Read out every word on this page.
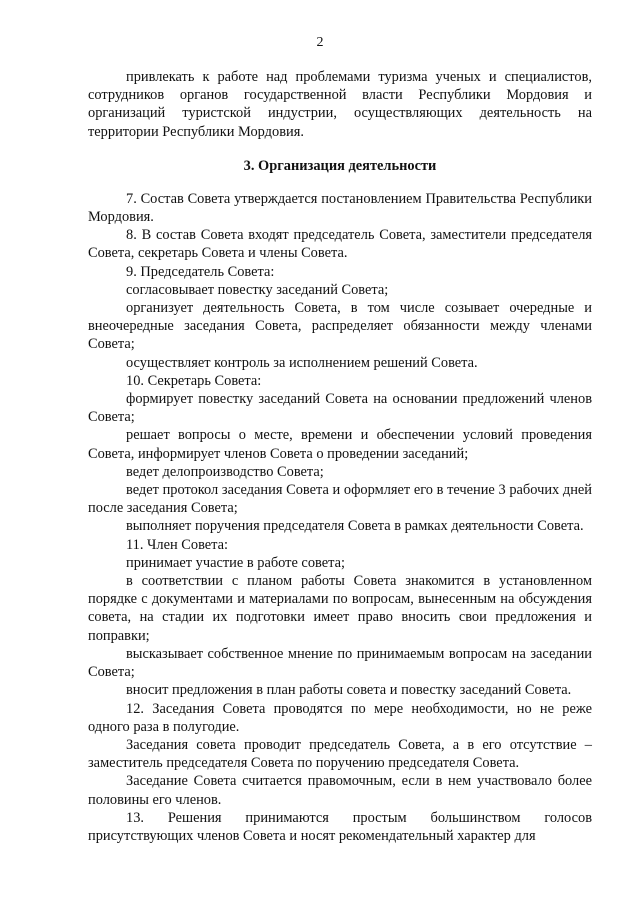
2

привлекать к работе над проблемами туризма ученых и специалистов, сотрудников органов государственной власти Республики Мордовия и организаций туристской индустрии, осуществляющих деятельность на территории Республики Мордовия.

3. Организация деятельности

7. Состав Совета утверждается постановлением Правительства Республики Мордовия.

8. В состав Совета входят председатель Совета, заместители председателя Совета, секретарь Совета и члены Совета.

9. Председатель Совета:

согласовывает повестку заседаний Совета;

организует деятельность Совета, в том числе созывает очередные и внеочередные заседания Совета, распределяет обязанности между членами Совета;

осуществляет контроль за исполнением решений Совета.

10. Секретарь Совета:

формирует повестку заседаний Совета на основании предложений членов Совета;

решает вопросы о месте, времени и обеспечении условий проведения Совета, информирует членов Совета о проведении заседаний;

ведет делопроизводство Совета;

ведет протокол заседания Совета и оформляет его в течение 3 рабочих дней после заседания Совета;

выполняет поручения председателя Совета в рамках деятельности Совета.

11. Член Совета:

принимает участие в работе совета;

в соответствии с планом работы Совета знакомится в установленном порядке с документами и материалами по вопросам, вынесенным на обсуждения совета, на стадии их подготовки имеет право вносить свои предложения и поправки;

высказывает собственное мнение по принимаемым вопросам на заседании Совета;

вносит предложения в план работы совета и повестку заседаний Совета.

12. Заседания Совета проводятся по мере необходимости, но не реже одного раза в полугодие.

Заседания совета проводит председатель Совета, а в его отсутствие – заместитель председателя Совета по поручению председателя Совета.

Заседание Совета считается правомочным, если в нем участвовало более половины его членов.

13. Решения принимаются простым большинством голосов присутствующих членов Совета и носят рекомендательный характер для
